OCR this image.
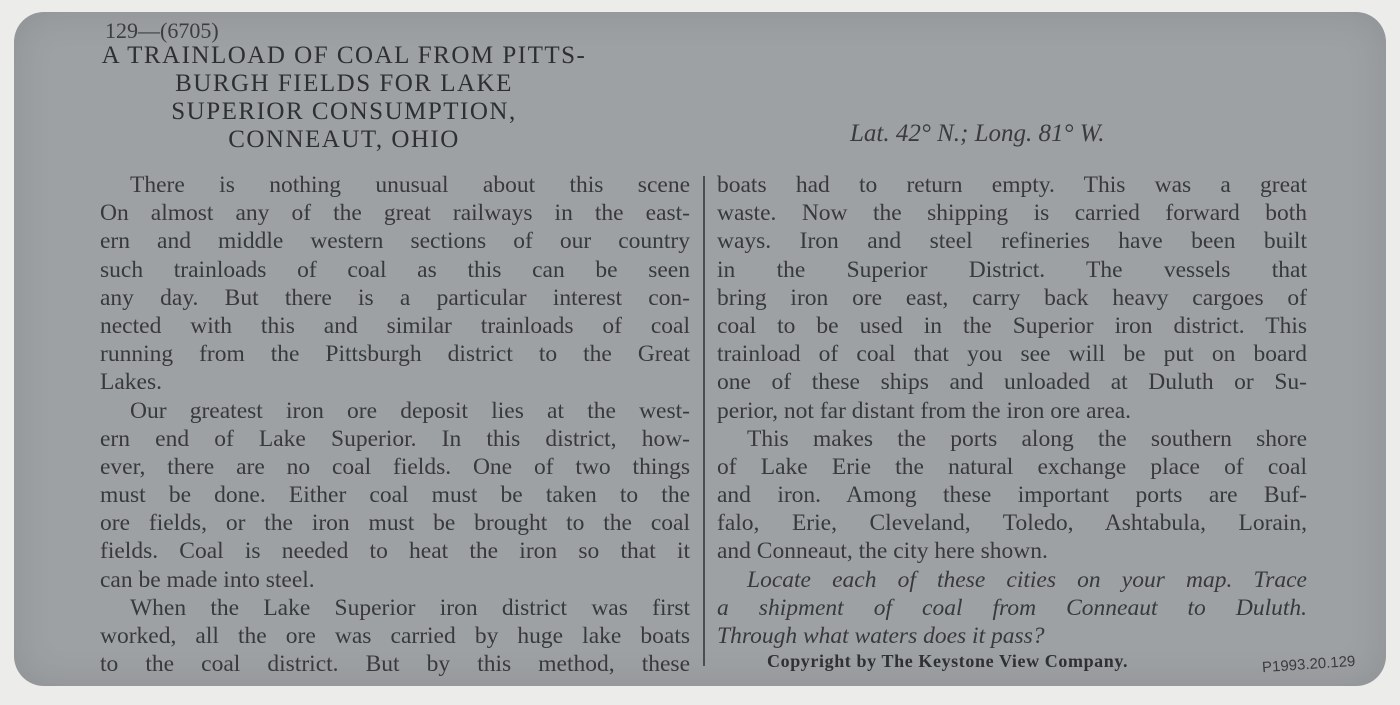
129—(6705)
A TRAINLOAD OF COAL FROM PITTS-
BURGH FIELDS FOR LAKE
SUPERIOR CONSUMPTION,
CONNEAUT, OHIO	Lat. 42° N.; Long. 81° W.
There is nothing unusual about this scene
On almost any of the great railways in the east-
ern and middle western sections of our country
such trainloads of coal as this can be seen
any day. But there is a particular interest con-
nected with this and similar trainloads of coal
running from the Pittsburgh district to the Great
Lakes.
Our greatest iron ore deposit lies at the west-
ern end of Lake Superior. In this district, how-
ever, there are no coal fields. One of two things
must be done. Either coal must be taken to the
ore fields, or the iron must be brought to the coal
fields. Coal is needed to heat the iron so that it
can be made into steel.
When the Lake Superior iron district was first
worked, all the ore was carried by huge lake boats
to the coal district. But by this method, these
boats had to return empty. This was a great
waste. Now the shipping is carried forward both
ways. Iron and steel refineries have been built
in the Superior District. The vessels that
bring iron ore east, carry back heavy cargoes of
coal to be used in the Superior iron district. This
trainload of coal that you see will be put on board
one of these ships and unloaded at Duluth or Su-
perior, not far distant from the iron ore area.
This makes the ports along the southern shore
of Lake Erie the natural exchange place of coal
and iron. Among these important ports are Buf-
falo, Erie, Cleveland, Toledo, Ashtabula, Lorain,
and Conneaut, the city here shown.
Locate each of these cities on your map. Trace
a shipment of coal from Conneaut to Duluth.
Through what waters does it pass?
Copyright by The Keystone View Company.	P1993.20.129
